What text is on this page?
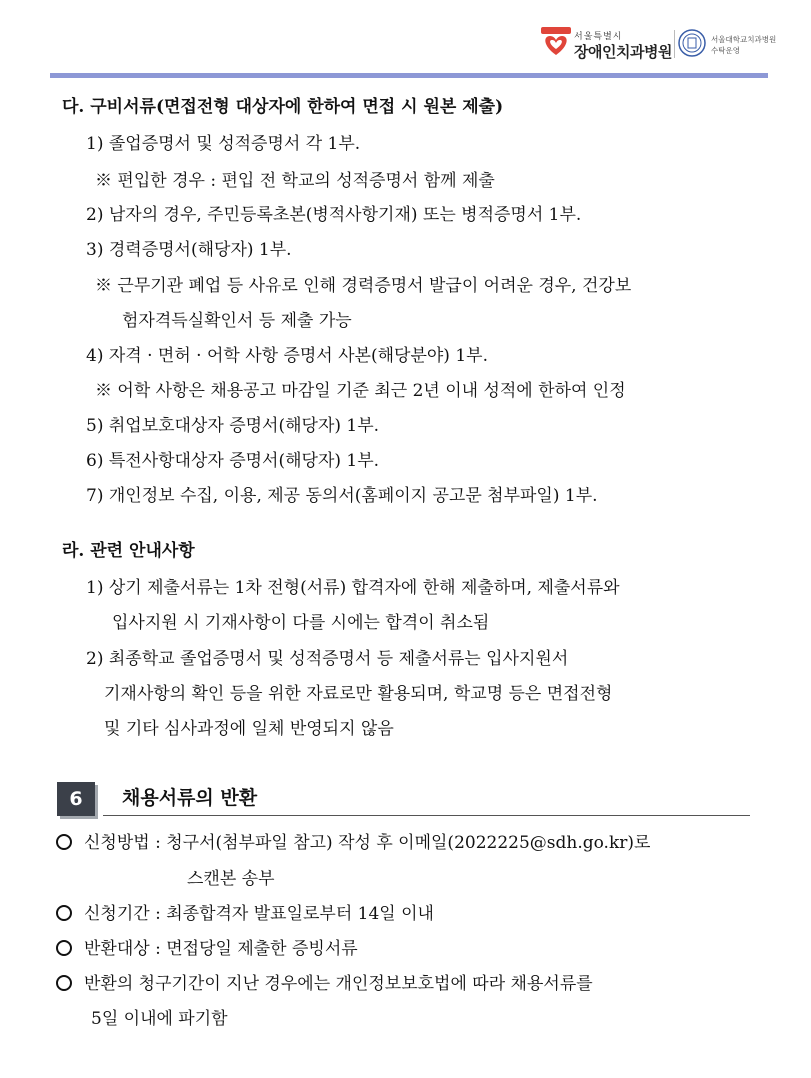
서울특별시
장애인치과병원
서울대학교치과병원
수탁운영
다. 구비서류(면접전형 대상자에 한하여 면접 시 원본 제출)
1) 졸업증명서 및 성적증명서 각 1부.
※ 편입한 경우 : 편입 전 학교의 성적증명서 함께 제출
2) 남자의 경우, 주민등록초본(병적사항기재) 또는 병적증명서 1부.
3) 경력증명서(해당자) 1부.
※ 근무기관 폐업 등 사유로 인해 경력증명서 발급이 어려운 경우, 건강보
험자격득실확인서 등 제출 가능
4) 자격 · 면허 · 어학 사항 증명서 사본(해당분야) 1부.
※ 어학 사항은 채용공고 마감일 기준 최근 2년 이내 성적에 한하여 인정
5) 취업보호대상자 증명서(해당자) 1부.
6) 특전사항대상자 증명서(해당자) 1부.
7) 개인정보 수집, 이용, 제공 동의서(홈페이지 공고문 첨부파일) 1부.
라. 관련 안내사항
1) 상기 제출서류는 1차 전형(서류) 합격자에 한해 제출하며, 제출서류와
입사지원 시 기재사항이 다를 시에는 합격이 취소됨
2) 최종학교 졸업증명서 및 성적증명서 등 제출서류는 입사지원서
기재사항의 확인 등을 위한 자료로만 활용되며, 학교명 등은 면접전형
및 기타 심사과정에 일체 반영되지 않음
6	채용서류의 반환
신청방법 : 청구서(첨부파일 참고) 작성 후 이메일(2022225@sdh.go.kr)로
스캔본 송부
신청기간 : 최종합격자 발표일로부터 14일 이내
반환대상 : 면접당일 제출한 증빙서류
반환의 청구기간이 지난 경우에는 개인정보보호법에 따라 채용서류를
5일 이내에 파기함
